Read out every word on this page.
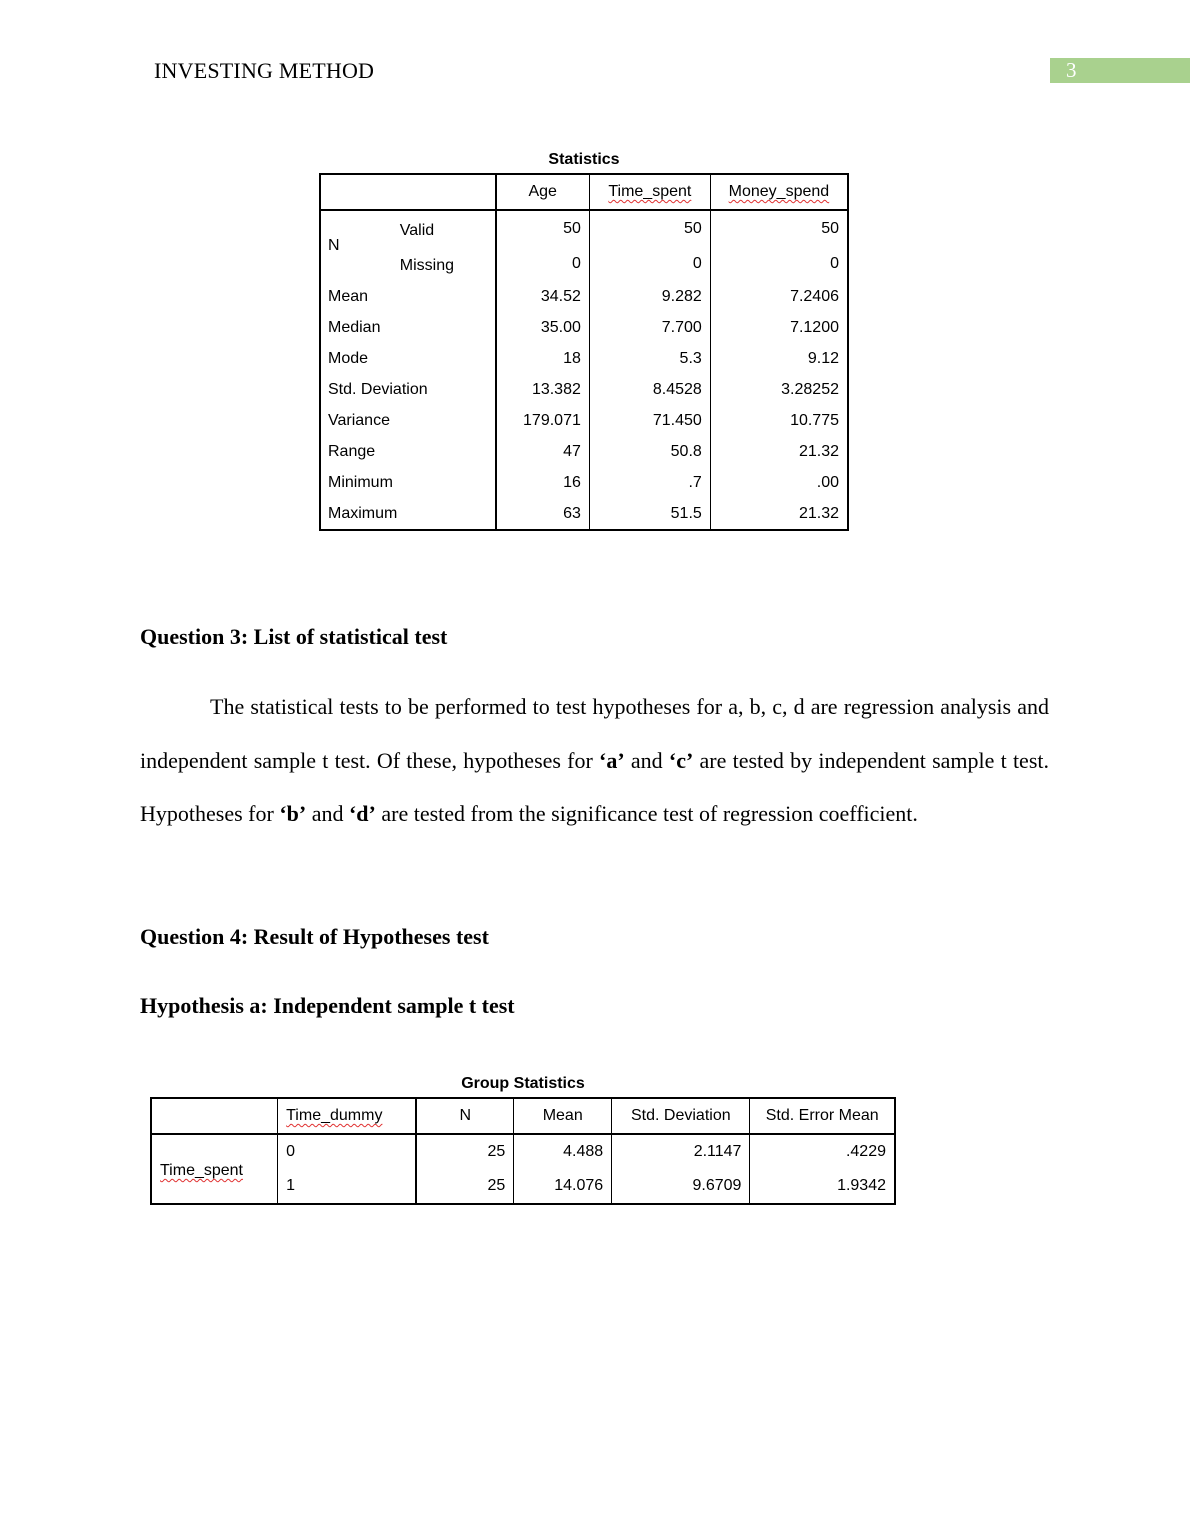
INVESTING METHOD	3
Statistics
		Age	Time_spent	Money_spend
N	Valid	50	50	50
	Missing	0	0	0
Mean		34.52	9.282	7.2406
Median		35.00	7.700	7.1200
Mode		18	5.3	9.12
Std. Deviation		13.382	8.4528	3.28252
Variance		179.071	71.450	10.775
Range		47	50.8	21.32
Minimum		16	.7	.00
Maximum		63	51.5	21.32
Question 3: List of statistical test

The statistical tests to be performed to test hypotheses for a, b, c, d are regression analysis and independent sample t test. Of these, hypotheses for ‘a’ and ‘c’ are tested by independent sample t test. Hypotheses for ‘b’ and ‘d’ are tested from the significance test of regression coefficient.

Question 4: Result of Hypotheses test
Hypothesis a: Independent sample t test
Group Statistics
	Time_dummy	N	Mean	Std. Deviation	Std. Error Mean
Time_spent	0	25	4.488	2.1147	.4229
	1	25	14.076	9.6709	1.9342
